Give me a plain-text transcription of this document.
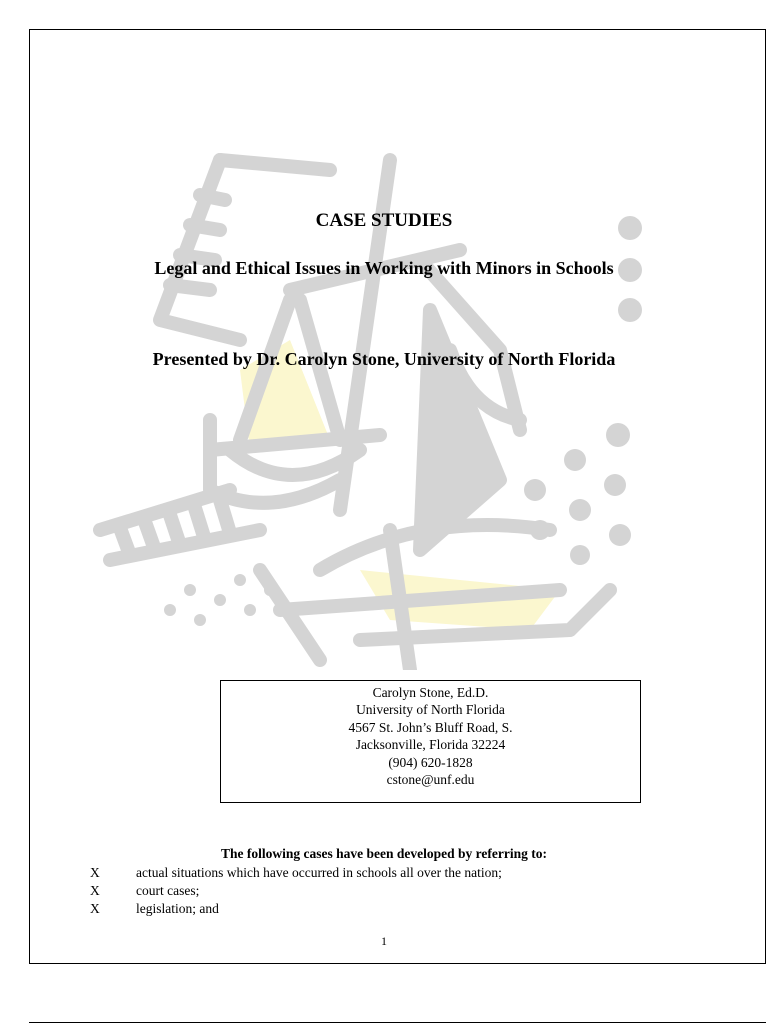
CASE STUDIES
Legal and Ethical Issues in Working with Minors in Schools
Presented by Dr. Carolyn Stone, University of North Florida
Carolyn Stone, Ed.D.
University of North Florida
4567 St. John’s Bluff Road, S.
Jacksonville, Florida 32224
(904) 620-1828
cstone@unf.edu
The following cases have been developed by referring to:
X	actual situations which have occurred in schools all over the nation;
X	court cases;
X	legislation; and
1
